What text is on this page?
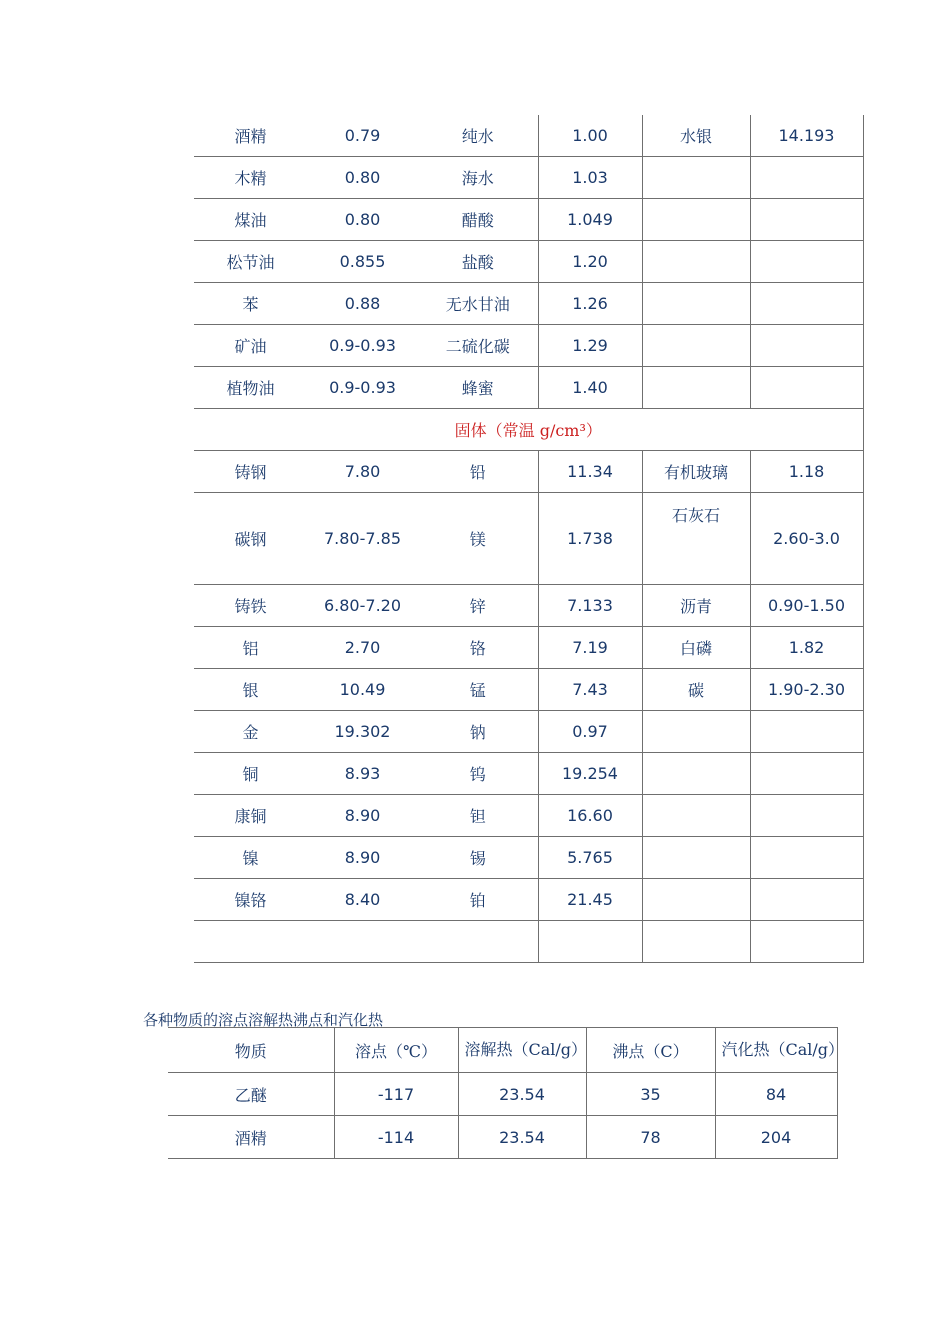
酒精	0.79	纯水	1.00	水银	14.193
木精	0.80	海水	1.03		
煤油	0.80	醋酸	1.049		
松节油	0.855	盐酸	1.20		
苯	0.88	无水甘油	1.26		
矿油	0.9-0.93	二硫化碳	1.29		
植物油	0.9-0.93	蜂蜜	1.40		
固体（常温 g/cm³）					
铸钢	7.80	铅	11.34	有机玻璃	1.18
碳钢	7.80-7.85	镁	1.738	石灰石	2.60-3.0
铸铁	6.80-7.20	锌	7.133	沥青	0.90-1.50
铝	2.70	铬	7.19	白磷	1.82
银	10.49	锰	7.43	碳	1.90-2.30
金	19.302	钠	0.97		
铜	8.93	钨	19.254		
康铜	8.90	钽	16.60		
镍	8.90	锡	5.765		
镍铬	8.40	铂	21.45		

各种物质的溶点溶解热沸点和汽化热
物质	溶点（℃）	溶解热（Cal/g）	沸点（C）	汽化热（Cal/g）
乙醚	-117	23.54	35	84
酒精	-114	23.54	78	204
